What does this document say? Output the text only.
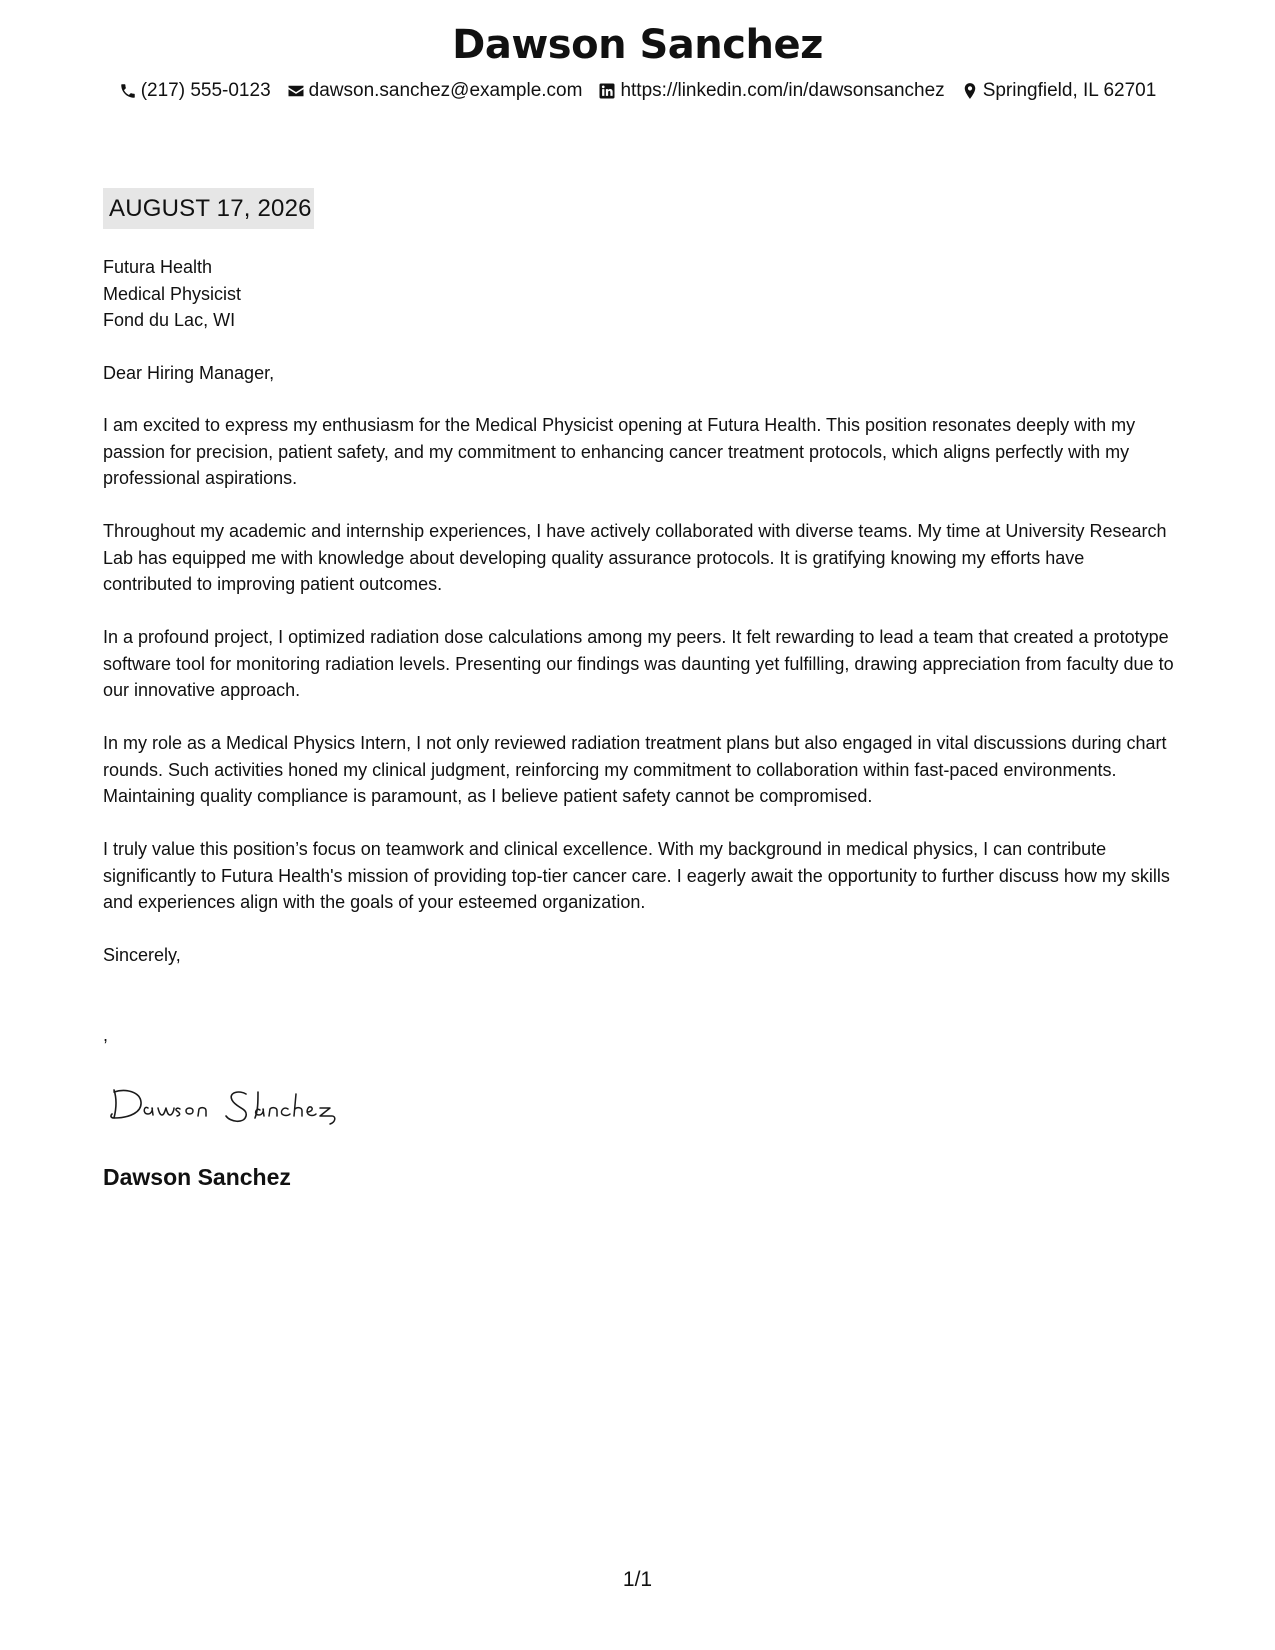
Dawson Sanchez
(217) 555-0123 dawson.sanchez@example.com https://linkedin.com/in/dawsonsanchez Springfield, IL 62701
AUGUST 17, 2026
Futura Health
Medical Physicist
Fond du Lac, WI
Dear Hiring Manager,

I am excited to express my enthusiasm for the Medical Physicist opening at Futura Health. This position resonates deeply with my passion for precision, patient safety, and my commitment to enhancing cancer treatment protocols, which aligns perfectly with my professional aspirations.

Throughout my academic and internship experiences, I have actively collaborated with diverse teams. My time at University Research Lab has equipped me with knowledge about developing quality assurance protocols. It is gratifying knowing my efforts have contributed to improving patient outcomes.

In a profound project, I optimized radiation dose calculations among my peers. It felt rewarding to lead a team that created a prototype software tool for monitoring radiation levels. Presenting our findings was daunting yet fulfilling, drawing appreciation from faculty due to our innovative approach.

In my role as a Medical Physics Intern, I not only reviewed radiation treatment plans but also engaged in vital discussions during chart rounds. Such activities honed my clinical judgment, reinforcing my commitment to collaboration within fast-paced environments. Maintaining quality compliance is paramount, as I believe patient safety cannot be compromised.

I truly value this position’s focus on teamwork and clinical excellence. With my background in medical physics, I can contribute significantly to Futura Health's mission of providing top-tier cancer care. I eagerly await the opportunity to further discuss how my skills and experiences align with the goals of your esteemed organization.

Sincerely,
,
Dawson Sanchez
1/1
